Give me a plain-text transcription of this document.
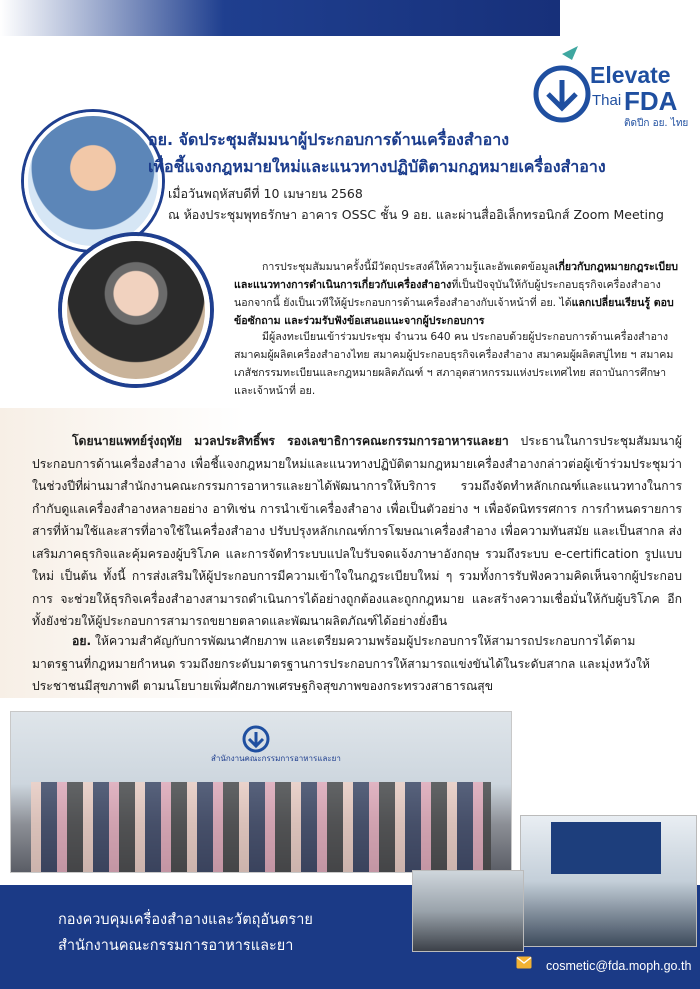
Elevate
Thai FDA
ติดปีก อย. ไทย
อย. จัดประชุมสัมมนาผู้ประกอบการด้านเครื่องสำอาง
เพื่อชี้แจงกฎหมายใหม่และแนวทางปฏิบัติตามกฎหมายเครื่องสำอาง
เมื่อวันพฤหัสบดีที่ 10 เมษายน 2568
ณ ห้องประชุมพุทธรักษา อาคาร OSSC ชั้น 9 อย. และผ่านสื่ออิเล็กทรอนิกส์ Zoom Meeting
การประชุมสัมมนาครั้งนี้มีวัตถุประสงค์ให้ความรู้และอัพเดตข้อมูลเกี่ยวกับกฎหมายกฎระเบียบ และแนวทางการดำเนินการเกี่ยวกับเครื่องสำอางที่เป็นปัจจุบันให้กับผู้ประกอบธุรกิจเครื่องสำอาง นอกจากนี้ ยังเป็นเวทีให้ผู้ประกอบการด้านเครื่องสำอางกับเจ้าหน้าที่ อย. ได้แลกเปลี่ยนเรียนรู้ ตอบข้อซักถาม และร่วมรับฟังข้อเสนอแนะจากผู้ประกอบการ
มีผู้ลงทะเบียนเข้าร่วมประชุม จำนวน 640 คน ประกอบด้วยผู้ประกอบการด้านเครื่องสำอาง สมาคมผู้ผลิตเครื่องสำอางไทย สมาคมผู้ประกอบธุรกิจเครื่องสำอาง สมาคมผู้ผลิตสบู่ไทย ฯ สมาคมเภสัชกรรมทะเบียนและกฎหมายผลิตภัณฑ์ ฯ สภาอุตสาหกรรมแห่งประเทศไทย สถาบันการศึกษา และเจ้าหน้าที่ อย.
โดยนายแพทย์รุ่งฤทัย มวลประสิทธิ์พร รองเลขาธิการคณะกรรมการอาหารและยา ประธานในการประชุมสัมมนาผู้ประกอบการด้านเครื่องสำอาง เพื่อชี้แจงกฎหมายใหม่และแนวทางปฏิบัติตามกฎหมายเครื่องสำอางกล่าวต่อผู้เข้าร่วมประชุมว่า ในช่วงปีที่ผ่านมาสำนักงานคณะกรรมการอาหารและยาได้พัฒนาการให้บริการ รวมถึงจัดทำหลักเกณฑ์และแนวทางในการกำกับดูแลเครื่องสำอางหลายอย่าง อาทิเช่น การนำเข้าเครื่องสำอาง เพื่อเป็นตัวอย่าง ฯ เพื่อจัดนิทรรศการ การกำหนดรายการสารที่ห้ามใช้และสารที่อาจใช้ในเครื่องสำอาง ปรับปรุงหลักเกณฑ์การโฆษณาเครื่องสำอาง เพื่อความทันสมัย และเป็นสากล ส่งเสริมภาคธุรกิจและคุ้มครองผู้บริโภค และการจัดทำระบบแปลใบรับจดแจ้งภาษาอังกฤษ รวมถึงระบบ e-certification รูปแบบใหม่ เป็นต้น ทั้งนี้ การส่งเสริมให้ผู้ประกอบการมีความเข้าใจในกฎระเบียบใหม่ ๆ รวมทั้งการรับฟังความคิดเห็นจากผู้ประกอบการ จะช่วยให้ธุรกิจเครื่องสำอางสามารถดำเนินการได้อย่างถูกต้องและถูกกฎหมาย และสร้างความเชื่อมั่นให้กับผู้บริโภค อีกทั้งยังช่วยให้ผู้ประกอบการสามารถขยายตลาดและพัฒนาผลิตภัณฑ์ได้อย่างยั่งยืน
อย. ให้ความสำคัญกับการพัฒนาศักยภาพ และเตรียมความพร้อมผู้ประกอบการให้สามารถประกอบการได้ตามมาตรฐานที่กฎหมายกำหนด รวมถึงยกระดับมาตรฐานการประกอบการให้สามารถแข่งขันได้ในระดับสากล และมุ่งหวังให้ประชาชนมีสุขภาพดี ตามนโยบายเพิ่มศักยภาพเศรษฐกิจสุขภาพของกระทรวงสาธารณสุข
สำนักงานคณะกรรมการอาหารและยา
กองควบคุมเครื่องสำอางและวัตถุอันตราย
สำนักงานคณะกรรมการอาหารและยา
cosmetic@fda.moph.go.th
